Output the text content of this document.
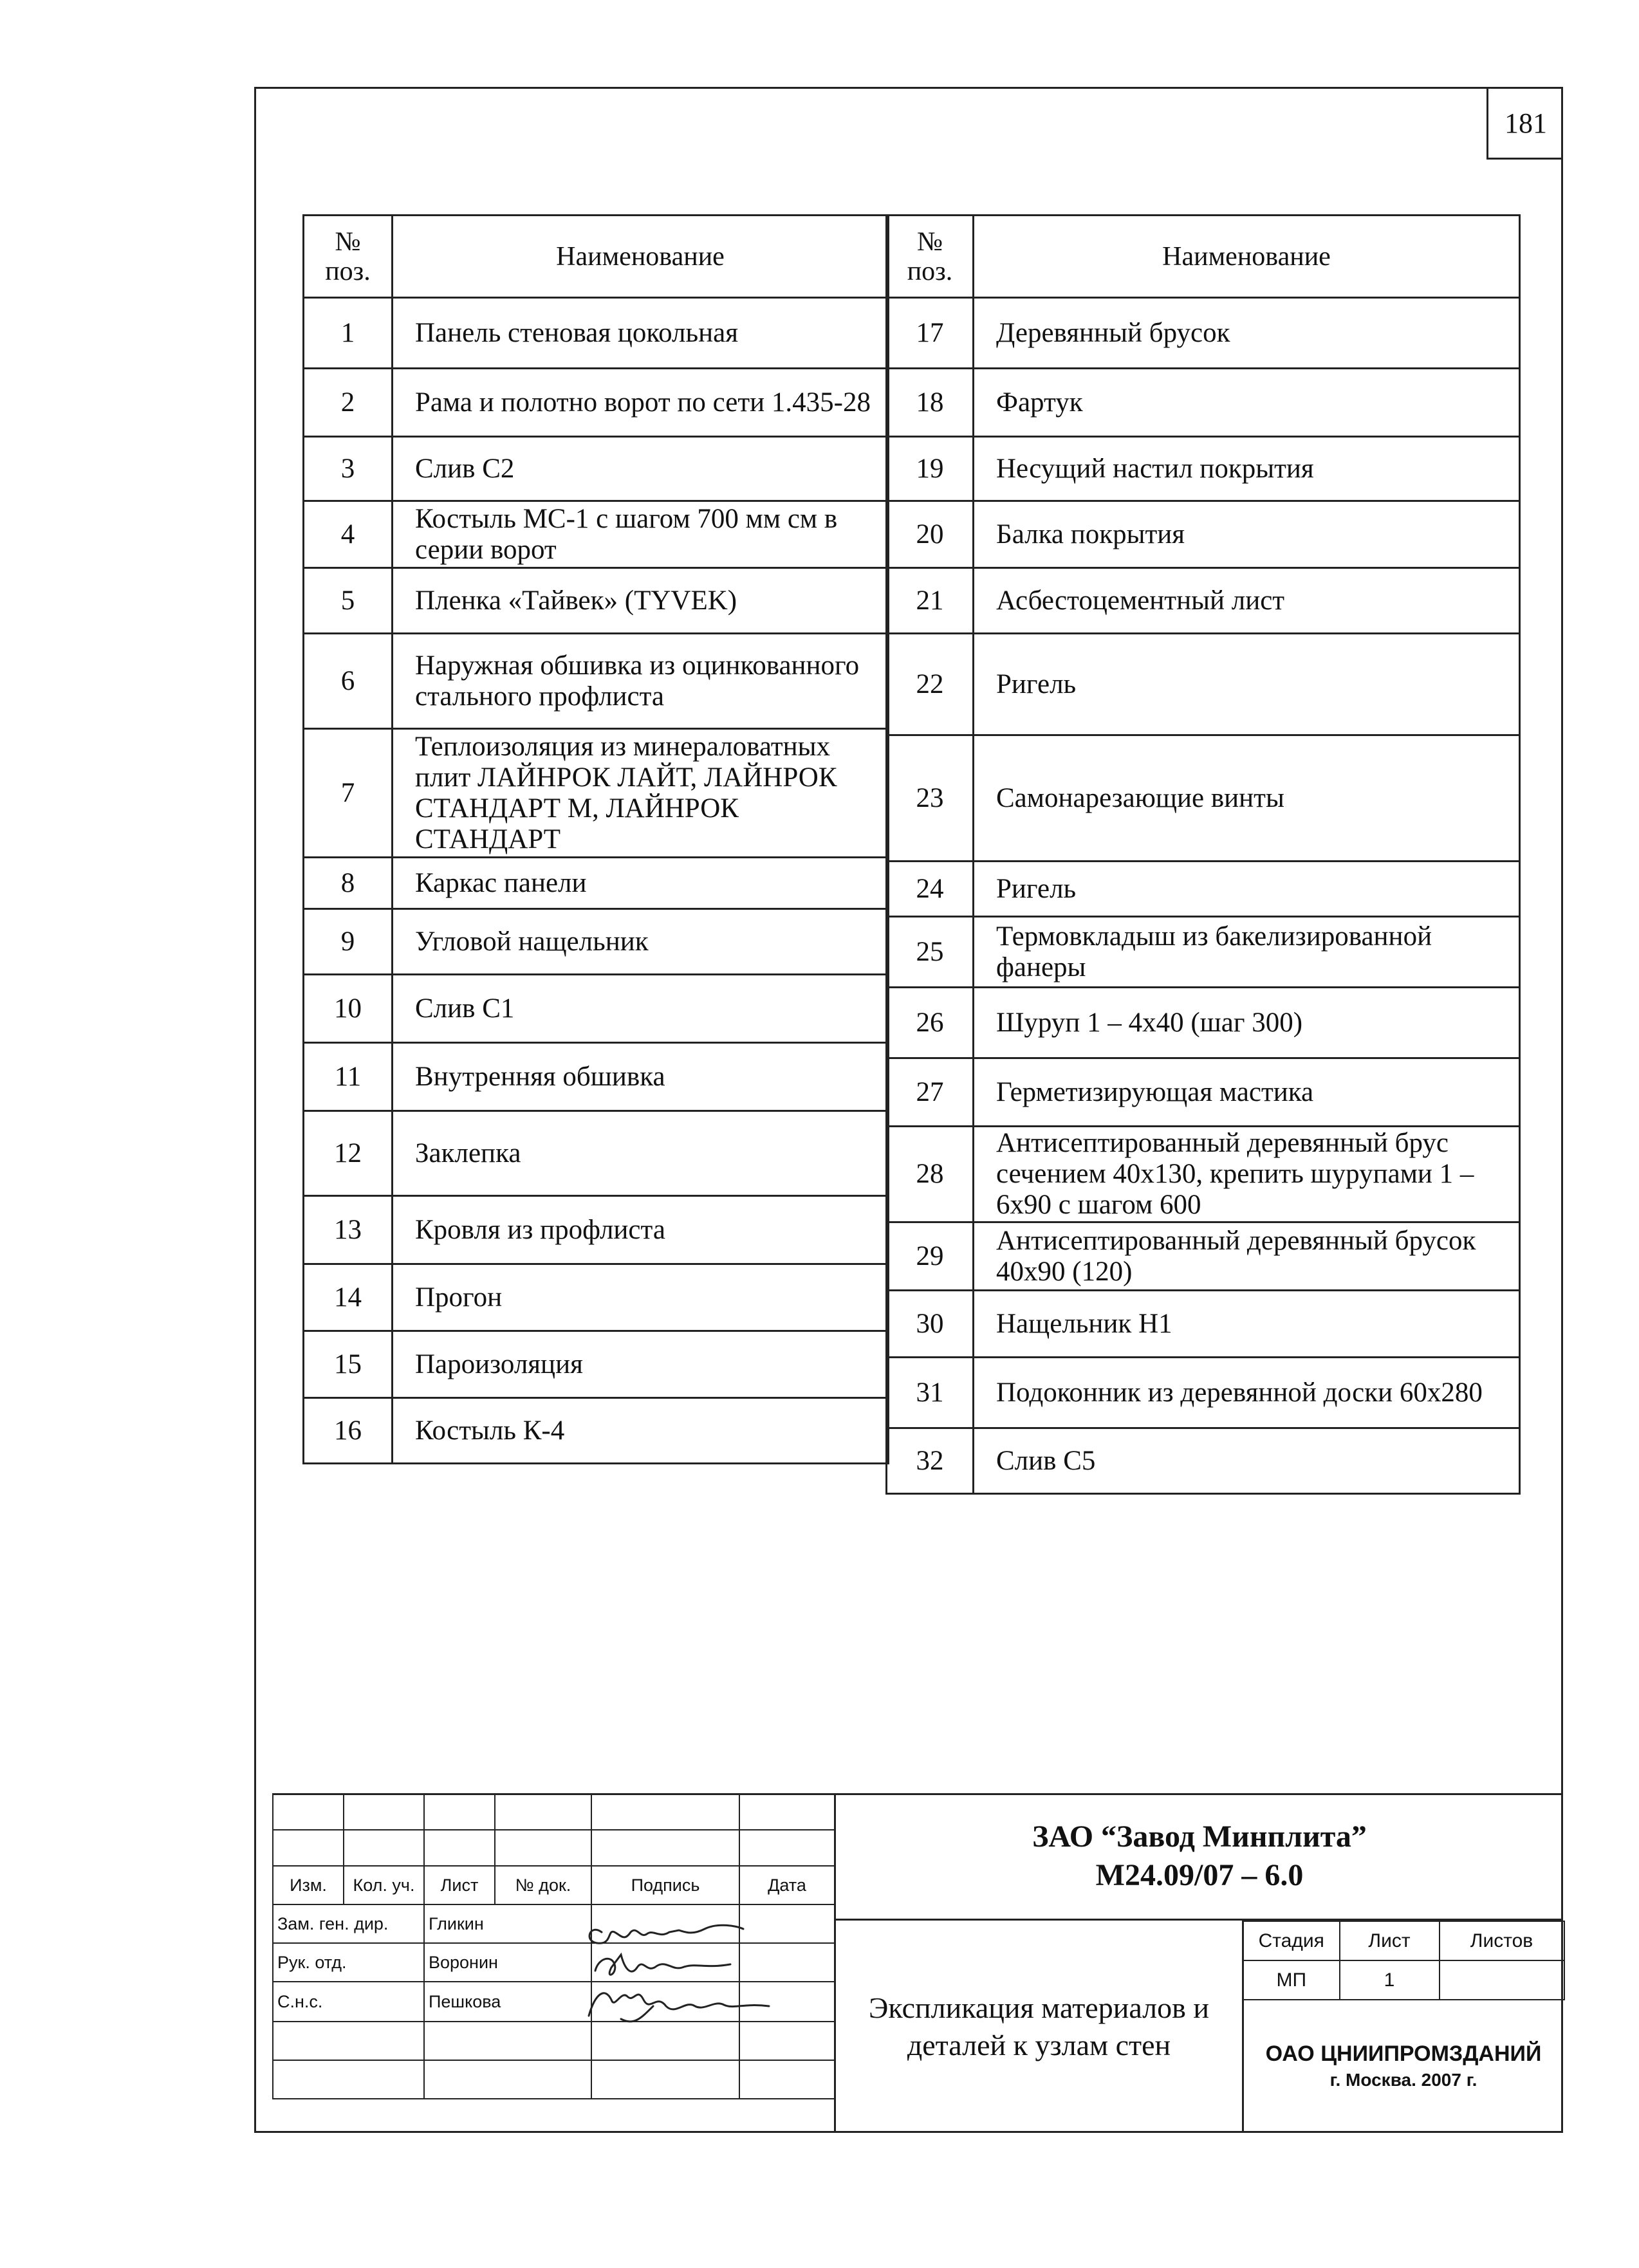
181
№
поз.	Наименование
1	Панель стеновая цокольная
2	Рама и полотно ворот по сети 1.435-28
3	Слив С2
4	Костыль МС-1 с шагом 700 мм см в серии ворот
5	Пленка «Тайвек» (TYVEK)
6	Наружная обшивка из оцинкованного стального профлиста
7	Теплоизоляция из минераловатных плит ЛАЙНРОК ЛАЙТ, ЛАЙНРОК СТАНДАРТ М, ЛАЙНРОК СТАНДАРТ
8	Каркас панели
9	Угловой нащельник
10	Слив С1
11	Внутренняя обшивка
12	Заклепка
13	Кровля из профлиста
14	Прогон
15	Пароизоляция
16	Костыль К-4
№
поз.	Наименование
17	Деревянный брусок
18	Фартук
19	Несущий настил покрытия
20	Балка покрытия
21	Асбестоцементный лист
22	Ригель
23	Самонарезающие винты
24	Ригель
25	Термовкладыш из бакелизированной фанеры
26	Шуруп 1 – 4х40 (шаг 300)
27	Герметизирующая мастика
28	Антисептированный деревянный брус сечением 40х130, крепить шурупами 1 – 6х90 с шагом 600
29	Антисептированный деревянный брусок 40х90 (120)
30	Нащельник Н1
31	Подоконник из деревянной доски 60х280
32	Слив С5

Изм.	Кол. уч.	Лист	№ док.	Подпись	Дата
Зам. ген. дир.		Гликин			
Рук. отд.		Воронин			
С.н.с.		Пешкова			

ЗАО “Завод Минплита”
М24.09/07 – 6.0
Экспликация материалов и
деталей к узлам стен
Стадия	Лист	Листов
МП	1	
ОАО ЦНИИПРОМЗДАНИЙ
г. Москва. 2007 г.
